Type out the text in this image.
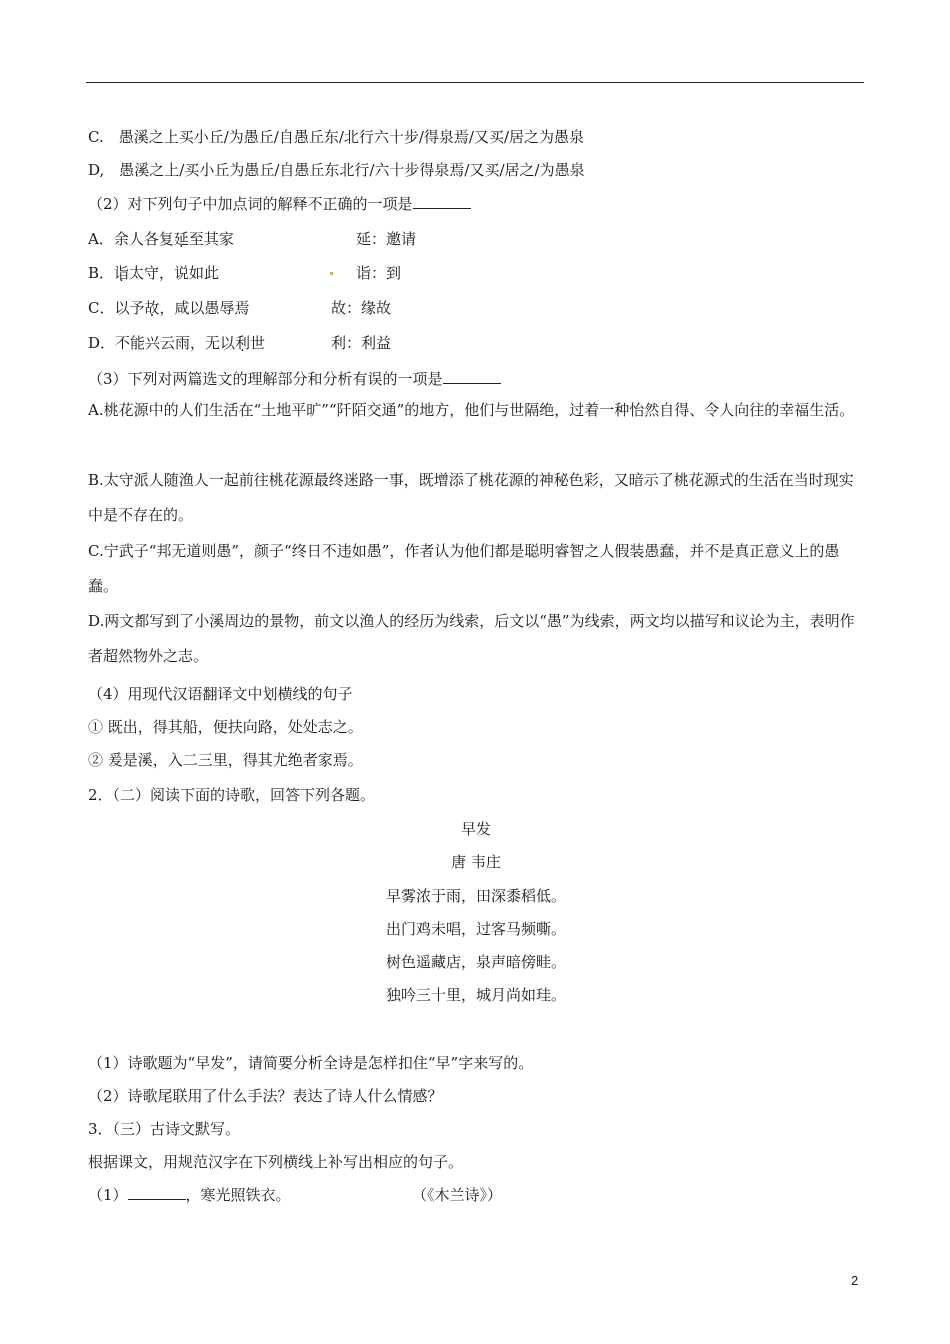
C.　愚溪之上买小丘/为愚丘/自愚丘东/北行六十步/得泉焉/又买/居之为愚泉
D,　愚溪之上/买小丘为愚丘/自愚丘东北行/六十步得泉焉/又买/居之/为愚泉
（2）对下列句子中加点词的解释不正确的一项是
A．余人各复延至其家	延：邀请
B．诣太守，说如此	诣：到
C．以予故，咸以愚辱焉	故：缘故
D．不能兴云雨，无以利世	利：利益
（3）下列对两篇选文的理解部分和分析有误的一项是
A.桃花源中的人们生活在“土地平旷”“阡陌交通”的地方，他们与世隔绝，过着一种怡然自得、令人向往的幸福生活。
B.太守派人随渔人一起前往桃花源最终迷路一事，既增添了桃花源的神秘色彩，又暗示了桃花源式的生活在当时现实中是不存在的。
C.宁武子“邦无道则愚”，颜子“终日不违如愚”，作者认为他们都是聪明睿智之人假装愚蠢，并不是真正意义上的愚蠢。
D.两文都写到了小溪周边的景物，前文以渔人的经历为线索，后文以“愚”为线索，两文均以描写和议论为主，表明作者超然物外之志。
（4）用现代汉语翻译文中划横线的句子
① 既出，得其船，便扶向路，处处志之。
② 爰是溪，入二三里，得其尤绝者家焉。
2．（二）阅读下面的诗歌，回答下列各题。
早发
唐 韦庄
早雾浓于雨，田深黍稻低。
出门鸡未唱，过客马频嘶。
树色遥藏店，泉声暗傍畦。
独吟三十里，城月尚如珪。
（1）诗歌题为“早发”，请简要分析全诗是怎样扣住“早”字来写的。
（2）诗歌尾联用了什么手法？表达了诗人什么情感？
3．（三）古诗文默写。
根据课文，用规范汉字在下列横线上补写出相应的句子。
（1）	，寒光照铁衣。	（《木兰诗》）
2
